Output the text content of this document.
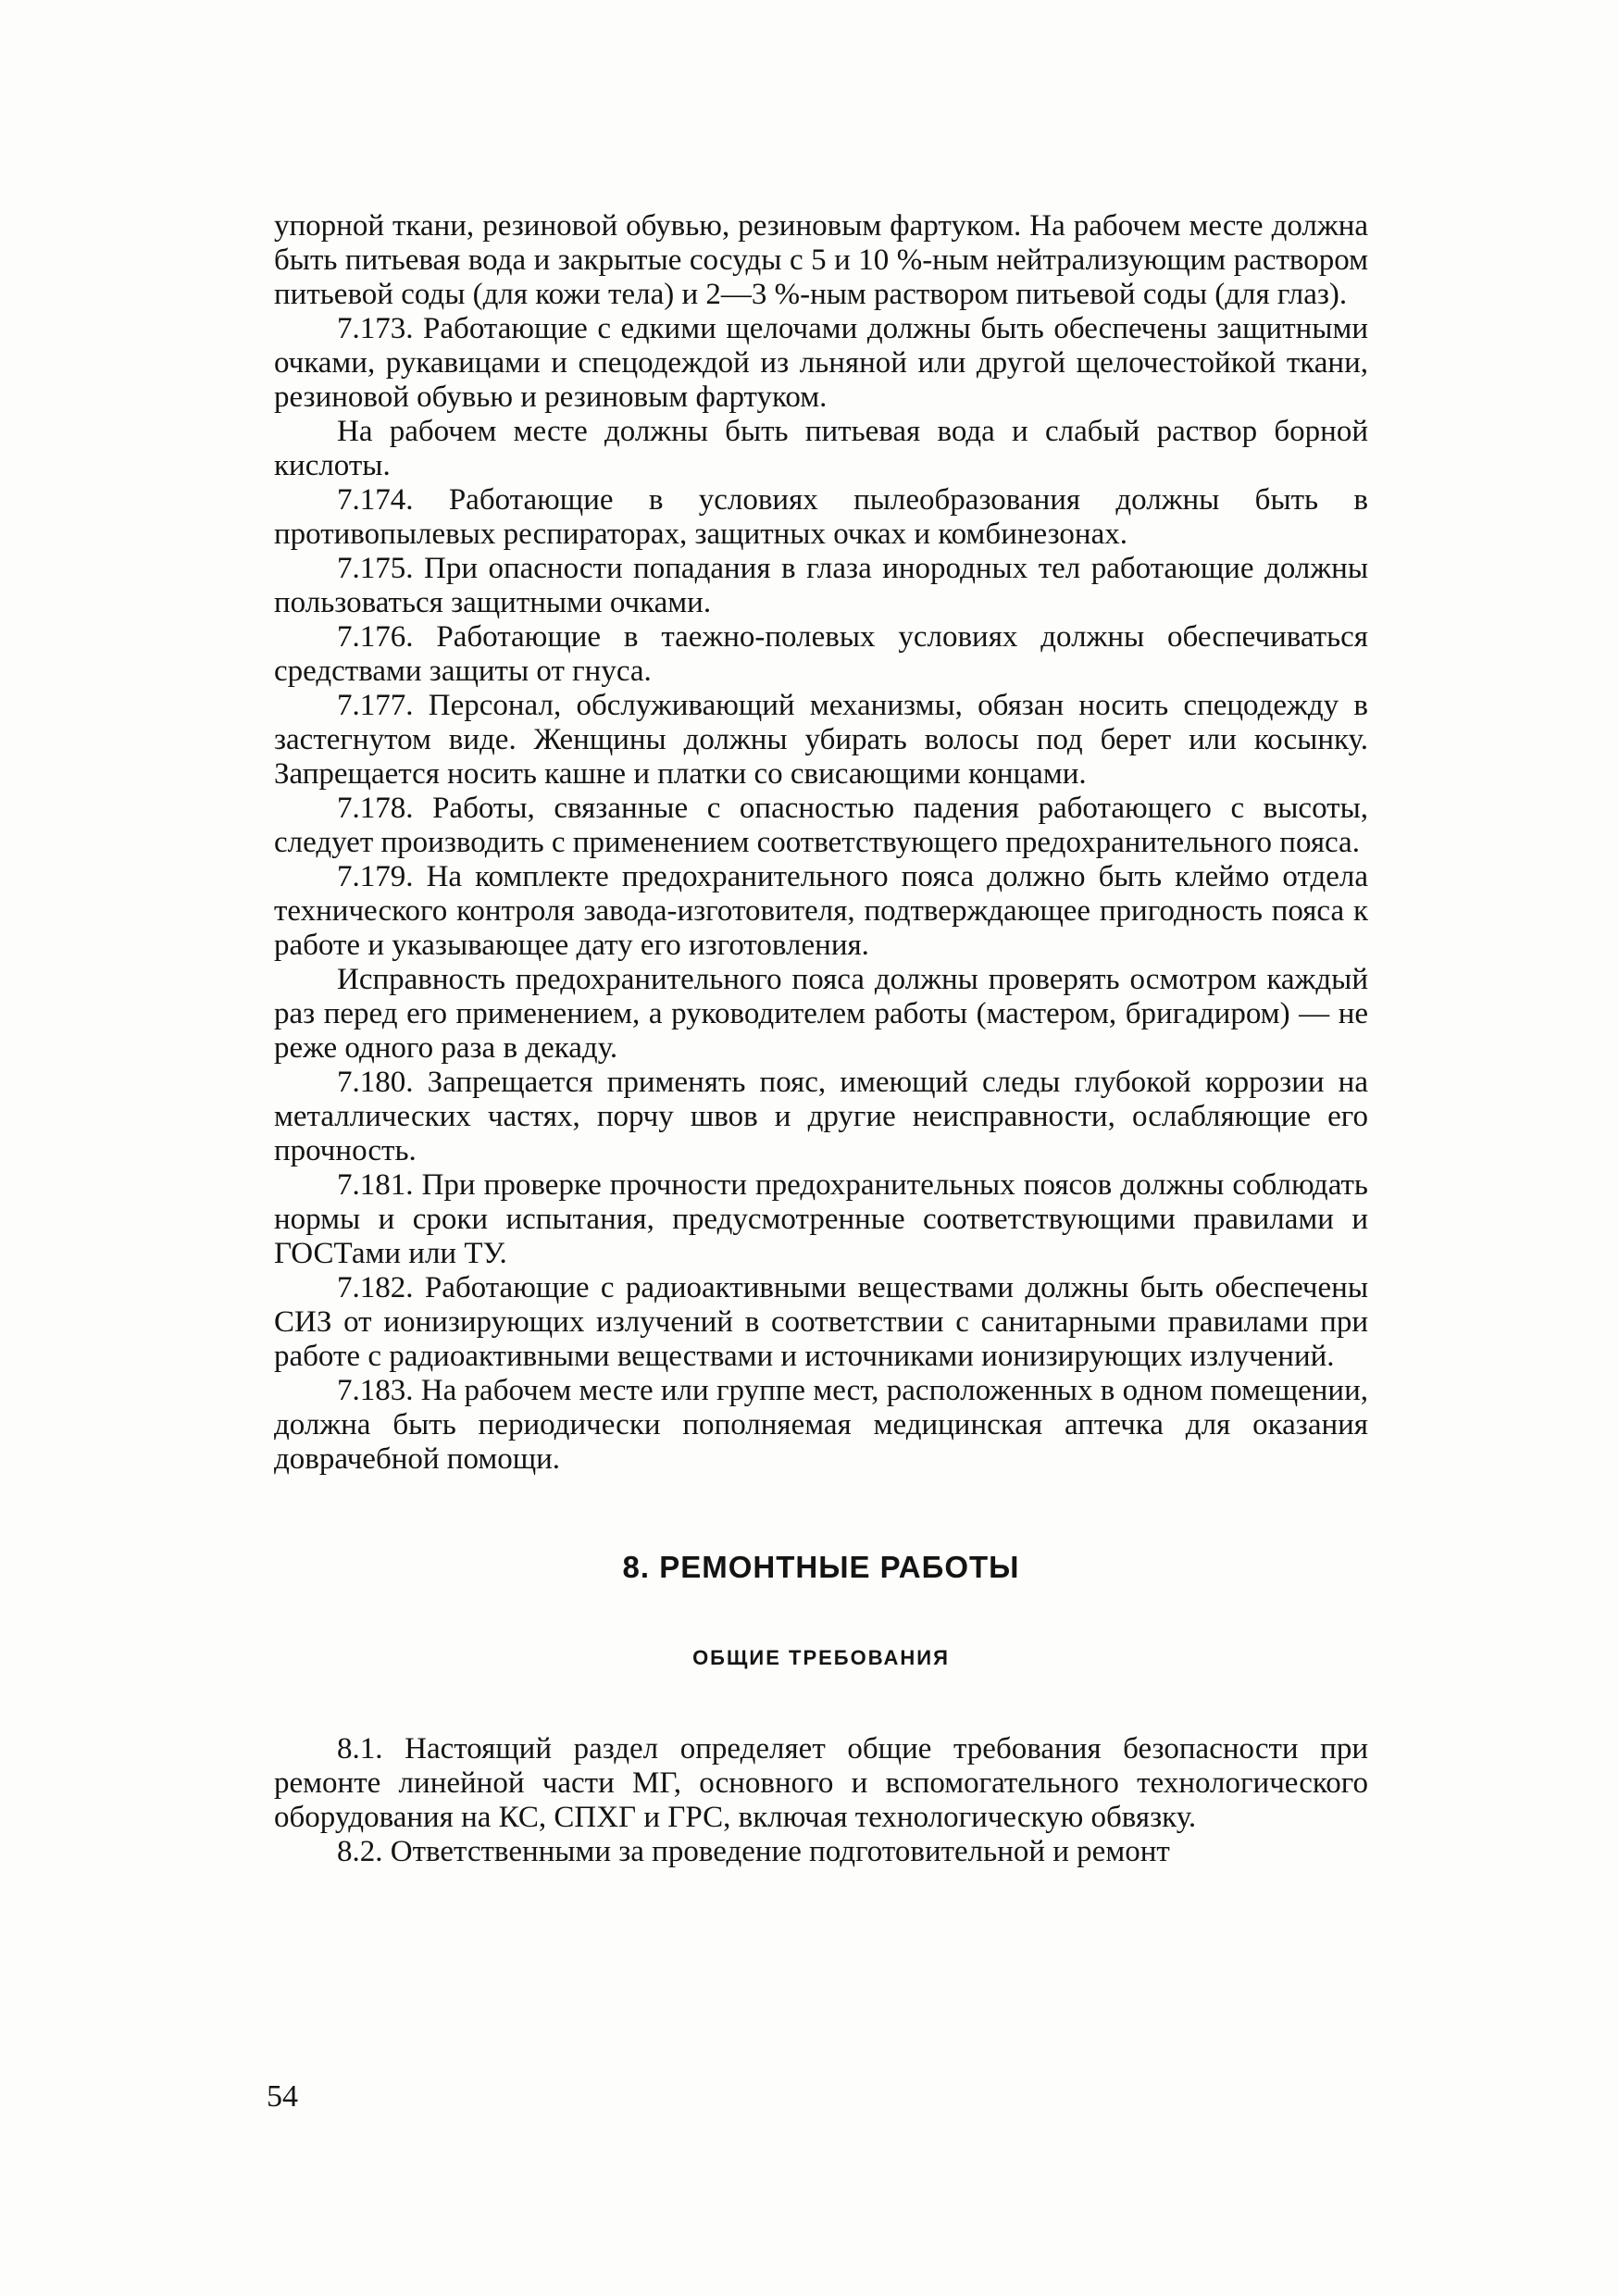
упорной ткани, резиновой обувью, резиновым фартуком. На рабочем месте должна быть питьевая вода и закрытые сосуды с 5 и 10 %-ным нейтрализующим раствором питьевой соды (для кожи тела) и 2—3 %-ным раствором питьевой соды (для глаз).

7.173. Работающие с едкими щелочами должны быть обеспечены защитными очками, рукавицами и спецодеждой из льняной или другой щелочестойкой ткани, резиновой обувью и резиновым фартуком.

На рабочем месте должны быть питьевая вода и слабый раствор борной кислоты.

7.174. Работающие в условиях пылеобразования должны быть в противопылевых респираторах, защитных очках и комбинезонах.

7.175. При опасности попадания в глаза инородных тел работающие должны пользоваться защитными очками.

7.176. Работающие в таежно-полевых условиях должны обеспечиваться средствами защиты от гнуса.

7.177. Персонал, обслуживающий механизмы, обязан носить спецодежду в застегнутом виде. Женщины должны убирать волосы под берет или косынку. Запрещается носить кашне и платки со свисающими концами.

7.178. Работы, связанные с опасностью падения работающего с высоты, следует производить с применением соответствующего предохранительного пояса.

7.179. На комплекте предохранительного пояса должно быть клеймо отдела технического контроля завода-изготовителя, подтверждающее пригодность пояса к работе и указывающее дату его изготовления.

Исправность предохранительного пояса должны проверять осмотром каждый раз перед его применением, а руководителем работы (мастером, бригадиром) — не реже одного раза в декаду.

7.180. Запрещается применять пояс, имеющий следы глубокой коррозии на металлических частях, порчу швов и другие неисправности, ослабляющие его прочность.

7.181. При проверке прочности предохранительных поясов должны соблюдать нормы и сроки испытания, предусмотренные соответствующими правилами и ГОСТами или ТУ.

7.182. Работающие с радиоактивными веществами должны быть обеспечены СИЗ от ионизирующих излучений в соответствии с санитарными правилами при работе с радиоактивными веществами и источниками ионизирующих излучений.

7.183. На рабочем месте или группе мест, расположенных в одном помещении, должна быть периодически пополняемая медицинская аптечка для оказания доврачебной помощи.

8. РЕМОНТНЫЕ РАБОТЫ
ОБЩИЕ ТРЕБОВАНИЯ

8.1. Настоящий раздел определяет общие требования безопасности при ремонте линейной части МГ, основного и вспомогательного технологического оборудования на КС, СПХГ и ГРС, включая технологическую обвязку.

8.2. Ответственными за проведение подготовительной и ремонт

54
